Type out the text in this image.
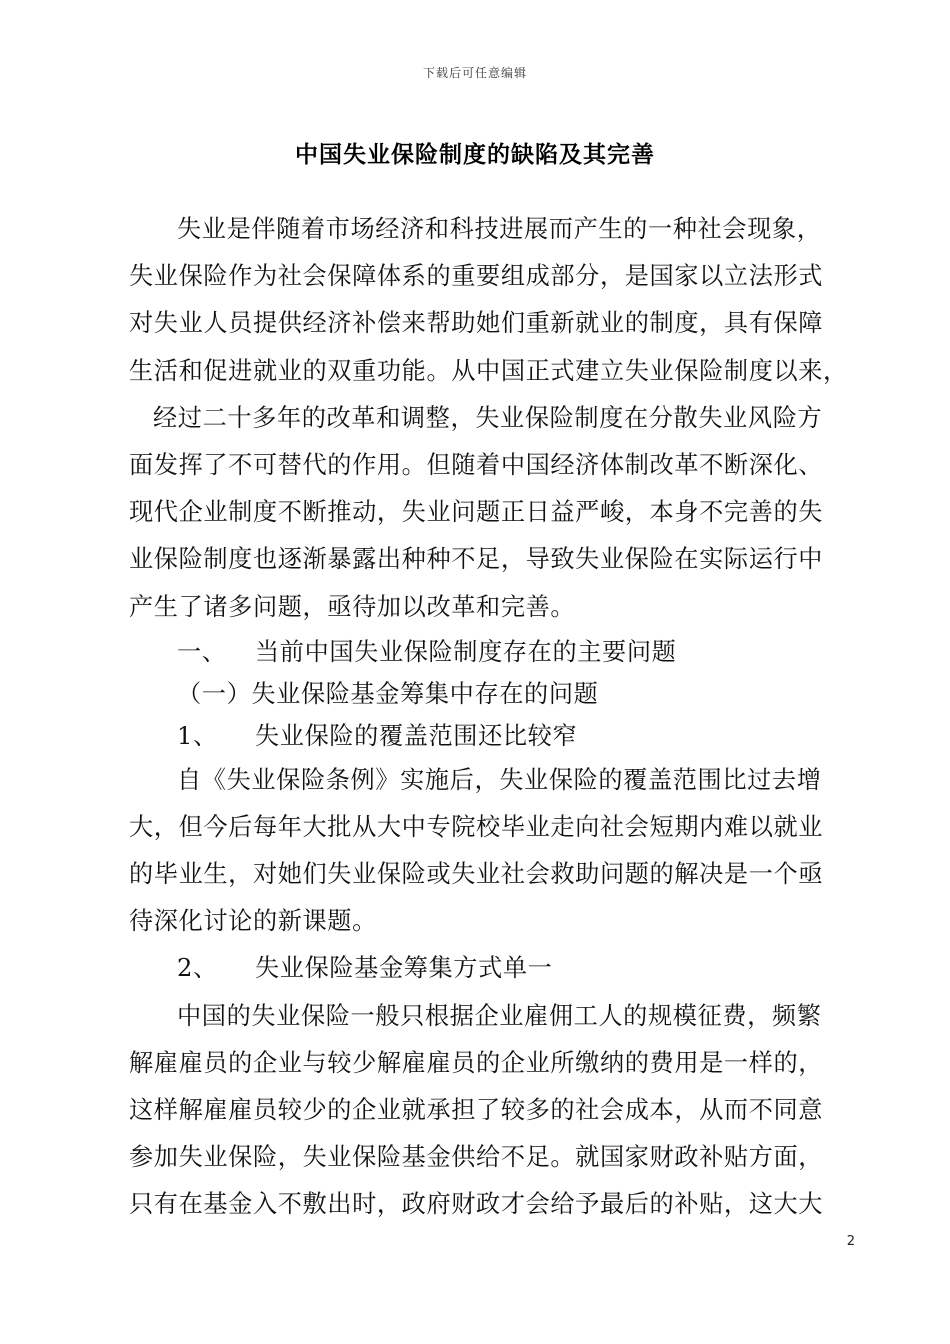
下载后可任意编辑
中国失业保险制度的缺陷及其完善
失业是伴随着市场经济和科技进展而产生的一种社会现象，
失业保险作为社会保障体系的重要组成部分，是国家以立法形式
对失业人员提供经济补偿来帮助她们重新就业的制度，具有保障
生活和促进就业的双重功能。从中国正式建立失业保险制度以来，
经过二十多年的改革和调整，失业保险制度在分散失业风险方
面发挥了不可替代的作用。但随着中国经济体制改革不断深化、
现代企业制度不断推动，失业问题正日益严峻，本身不完善的失
业保险制度也逐渐暴露出种种不足，导致失业保险在实际运行中
产生了诸多问题，亟待加以改革和完善。
一、 当前中国失业保险制度存在的主要问题
（一）失业保险基金筹集中存在的问题
1、 失业保险的覆盖范围还比较窄
自《失业保险条例》实施后，失业保险的覆盖范围比过去增
大，但今后每年大批从大中专院校毕业走向社会短期内难以就业
的毕业生，对她们失业保险或失业社会救助问题的解决是一个亟
待深化讨论的新课题。
2、 失业保险基金筹集方式单一
中国的失业保险一般只根据企业雇佣工人的规模征费，频繁
解雇雇员的企业与较少解雇雇员的企业所缴纳的费用是一样的，
这样解雇雇员较少的企业就承担了较多的社会成本，从而不同意
参加失业保险，失业保险基金供给不足。就国家财政补贴方面，
只有在基金入不敷出时，政府财政才会给予最后的补贴，这大大
2
